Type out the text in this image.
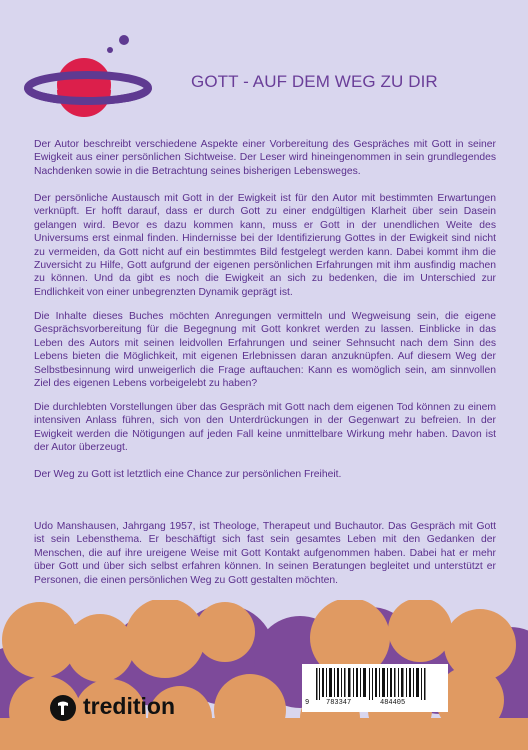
GOTT - AUF DEM WEG ZU DIR

Der Autor beschreibt verschiedene Aspekte einer Vorbereitung des Gespräches mit Gott in seiner Ewigkeit aus einer persönlichen Sichtweise. Der Leser wird hineingenommen in sein grundlegendes Nachdenken sowie in die Betrachtung seines bisherigen Lebensweges.

Der persönliche Austausch mit Gott in der Ewigkeit ist für den Autor mit bestimmten Erwartungen verknüpft. Er hofft darauf, dass er durch Gott zu einer endgültigen Klarheit über sein Dasein gelangen wird. Bevor es dazu kommen kann, muss er Gott in der unendlichen Weite des Universums erst einmal finden. Hindernisse bei der Identifizierung Gottes in der Ewigkeit sind nicht zu vermeiden, da Gott nicht auf ein bestimmtes Bild festgelegt werden kann. Dabei kommt ihm die Zuversicht zu Hilfe, Gott aufgrund der eigenen persönlichen Erfahrungen mit ihm ausfindig machen zu können. Und da gibt es noch die Ewigkeit an sich zu bedenken, die im Unterschied zur Endlichkeit von einer unbegrenzten Dynamik geprägt ist.

Die Inhalte dieses Buches möchten Anregungen vermitteln und Wegweisung sein, die eigene Gesprächsvorbereitung für die Begegnung mit Gott konkret werden zu lassen. Einblicke in das Leben des Autors mit seinen leidvollen Erfahrungen und seiner Sehnsucht nach dem Sinn des Lebens bieten die Möglichkeit, mit eigenen Erlebnissen daran anzuknüpfen. Auf diesem Weg der Selbstbesinnung wird unweigerlich die Frage auftauchen: Kann es womöglich sein, am sinnvollen Ziel des eigenen Lebens vorbeigelebt zu haben?

Die durchlebten Vorstellungen über das Gespräch mit Gott nach dem eigenen Tod können zu einem intensiven Anlass führen, sich von den Unterdrückungen in der Gegenwart zu befreien. In der Ewigkeit werden die Nötigungen auf jeden Fall keine unmittelbare Wirkung mehr haben. Davon ist der Autor überzeugt.

Der Weg zu Gott ist letztlich eine Chance zur persönlichen Freiheit.

Udo Manshausen, Jahrgang 1957, ist Theologe, Therapeut und Buchautor. Das Gespräch mit Gott ist sein Lebensthema. Er beschäftigt sich fast sein gesamtes Leben mit den Gedanken der Menschen, die auf ihre ureigene Weise mit Gott Kontakt aufgenommen haben. Dabei hat er mehr über Gott und über sich selbst erfahren können. In seinen Beratungen begleitet und unterstützt er Personen, die einen persönlichen Weg zu Gott gestalten möchten.

9 783347	484405
tredition
